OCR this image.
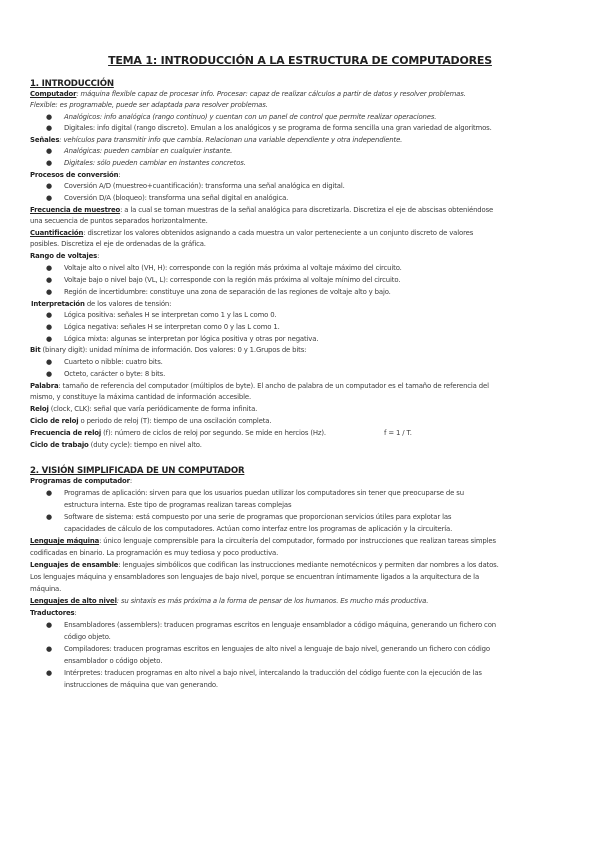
TEMA 1: INTRODUCCIÓN A LA ESTRUCTURA DE COMPUTADORES
1. INTRODUCCIÓN
Computador: máquina flexible capaz de procesar info. Procesar: capaz de realizar cálculos a partir de datos y resolver problemas.
Flexible: es programable, puede ser adaptada para resolver problemas.
● Analógicos: info analógica (rango continuo) y cuentan con un panel de control que permite realizar operaciones.
● Digitales: info digital (rango discreto). Emulan a los analógicos y se programa de forma sencilla una gran variedad de algoritmos.
Señales: vehículos para transmitir info que cambia. Relacionan una variable dependiente y otra independiente.
● Analógicas: pueden cambiar en cualquier instante.
● Digitales: sólo pueden cambiar en instantes concretos.
Procesos de conversión:
● Coversión A/D (muestreo+cuantificación): transforma una señal analógica en digital.
● Coversión D/A (bloqueo): transforma una señal digital en analógica.
Frecuencia de muestreo: a la cual se toman muestras de la señal analógica para discretizarla. Discretiza el eje de abscisas obteniéndose
una secuencia de puntos separados horizontalmente.
Cuantificación: discretizar los valores obtenidos asignando a cada muestra un valor perteneciente a un conjunto discreto de valores
posibles. Discretiza el eje de ordenadas de la gráfica.
Rango de voltajes:
● Voltaje alto o nivel alto (VH, H): corresponde con la región más próxima al voltaje máximo del circuito.
● Voltaje bajo o nivel bajo (VL, L): corresponde con la región más próxima al voltaje mínimo del circuito.
● Región de incertidumbre: constituye una zona de separación de las regiones de voltaje alto y bajo.
Interpretación de los valores de tensión:
● Lógica positiva: señales H se interpretan como 1 y las L como 0.
● Lógica negativa: señales H se interpretan como 0 y las L como 1.
● Lógica mixta: algunas se interpretan por lógica positiva y otras por negativa.
Bit (binary digit): unidad mínima de información. Dos valores: 0 y 1.Grupos de bits:
● Cuarteto o nibble: cuatro bits.
● Octeto, carácter o byte: 8 bits.
Palabra: tamaño de referencia del computador (múltiplos de byte). El ancho de palabra de un computador es el tamaño de referencia del
mismo, y constituye la máxima cantidad de información accesible.
Reloj (clock, CLK): señal que varía periódicamente de forma infinita.
Ciclo de reloj o periodo de reloj (T): tiempo de una oscilación completa.
Frecuencia de reloj (f): número de ciclos de reloj por segundo. Se mide en hercios (Hz).	f = 1 / T.
Ciclo de trabajo (duty cycle): tiempo en nivel alto.
2. VISIÓN SIMPLIFICADA DE UN COMPUTADOR
Programas de computador:
● Programas de aplicación: sirven para que los usuarios puedan utilizar los computadores sin tener que preocuparse de su
estructura interna. Este tipo de programas realizan tareas complejas
● Software de sistema: está compuesto por una serie de programas que proporcionan servicios útiles para explotar las
capacidades de cálculo de los computadores. Actúan como interfaz entre los programas de aplicación y la circuitería.
Lenguaje máquina: único lenguaje comprensible para la circuitería del computador, formado por instrucciones que realizan tareas simples
codificadas en binario. La programación es muy tediosa y poco productiva.
Lenguajes de ensamble: lenguajes simbólicos que codifican las instrucciones mediante nemotécnicos y permiten dar nombres a los datos.
Los lenguajes máquina y ensambladores son lenguajes de bajo nivel, porque se encuentran íntimamente ligados a la arquitectura de la
máquina.
Lenguajes de alto nivel: su sintaxis es más próxima a la forma de pensar de los humanos. Es mucho más productiva.
Traductores:
● Ensambladores (assemblers): traducen programas escritos en lenguaje ensamblador a código máquina, generando un fichero con
código objeto.
● Compiladores: traducen programas escritos en lenguajes de alto nivel a lenguaje de bajo nivel, generando un fichero con código
ensamblador o código objeto.
● Intérpretes: traducen programas en alto nivel a bajo nivel, intercalando la traducción del código fuente con la ejecución de las
instrucciones de máquina que van generando.
